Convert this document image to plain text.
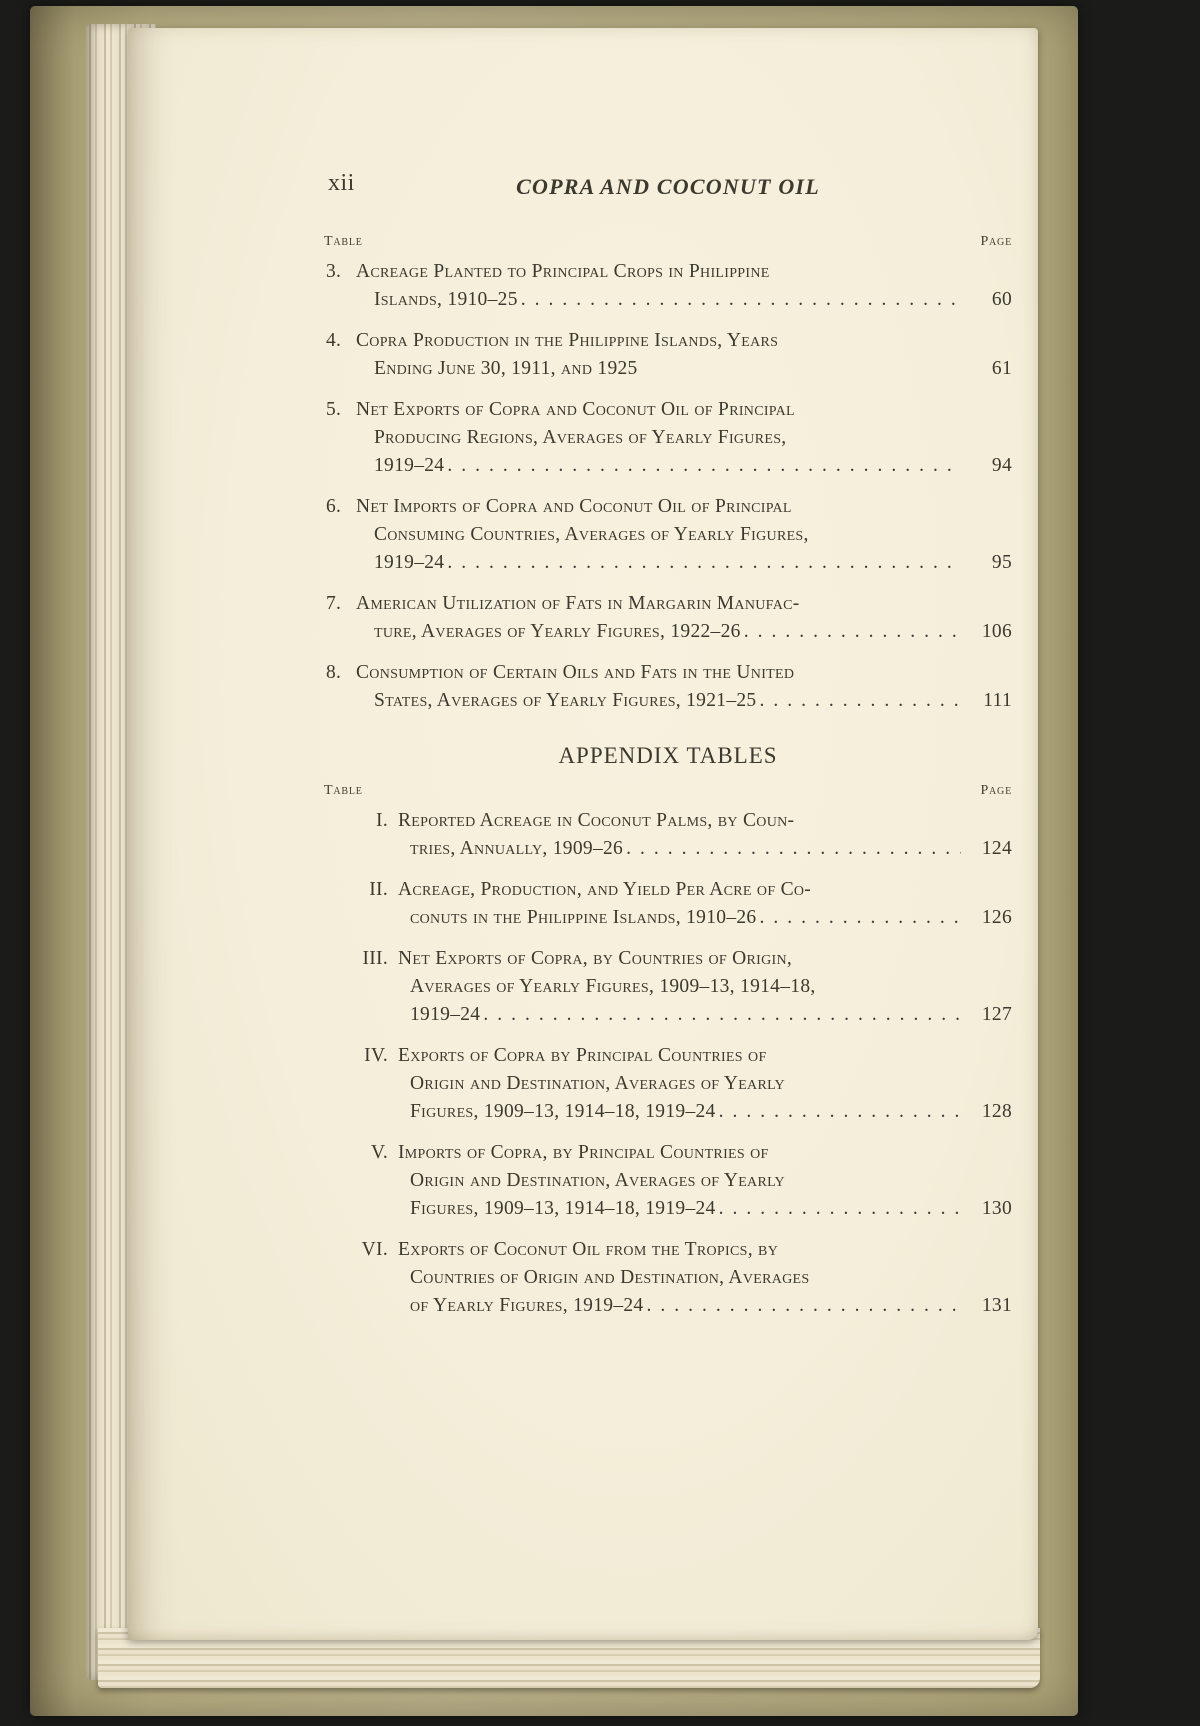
xii	COPRA AND COCONUT OIL
Table	Page
3. Acreage Planted to Principal Crops in Philippine
Islands, 1910–25 .....	60
4. Copra Production in the Philippine Islands, Years
Ending June 30, 1911, and 1925	61
5. Net Exports of Copra and Coconut Oil of Principal
Producing Regions, Averages of Yearly Figures,
1919–24 .....	94
6. Net Imports of Copra and Coconut Oil of Principal
Consuming Countries, Averages of Yearly Figures,
1919–24 .....	95
7. American Utilization of Fats in Margarin Manufac-
ture, Averages of Yearly Figures, 1922–26 .....	106
8. Consumption of Certain Oils and Fats in the United
States, Averages of Yearly Figures, 1921–25 .....	111
APPENDIX TABLES
Table	Page
I. Reported Acreage in Coconut Palms, by Coun-
tries, Annually, 1909–26 .....	124
II. Acreage, Production, and Yield Per Acre of Co-
conuts in the Philippine Islands, 1910–26 .....	126
III. Net Exports of Copra, by Countries of Origin,
Averages of Yearly Figures, 1909–13, 1914–18,
1919–24 .....	127
IV. Exports of Copra by Principal Countries of
Origin and Destination, Averages of Yearly
Figures, 1909–13, 1914–18, 1919–24 .....	128
V. Imports of Copra, by Principal Countries of
Origin and Destination, Averages of Yearly
Figures, 1909–13, 1914–18, 1919–24 .....	130
VI. Exports of Coconut Oil from the Tropics, by
Countries of Origin and Destination, Averages
of Yearly Figures, 1919–24 .....	131
